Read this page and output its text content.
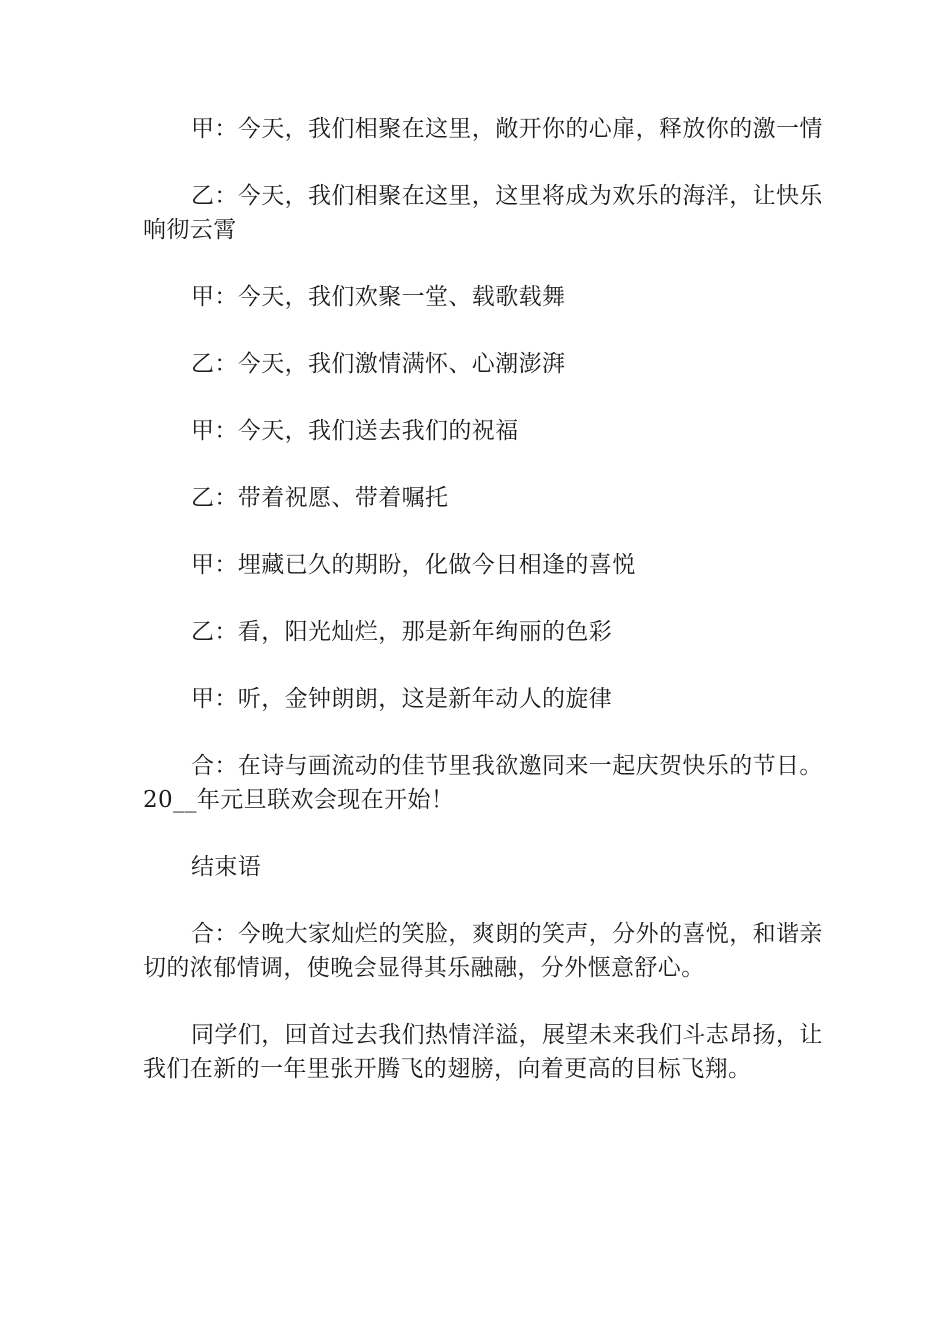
甲：今天，我们相聚在这里，敞开你的心扉，释放你的激一情

乙：今天，我们相聚在这里，这里将成为欢乐的海洋，让快乐响彻云霄

甲：今天，我们欢聚一堂、载歌载舞

乙：今天，我们激情满怀、心潮澎湃

甲：今天，我们送去我们的祝福

乙：带着祝愿、带着嘱托

甲：埋藏已久的期盼，化做今日相逢的喜悦

乙：看，阳光灿烂，那是新年绚丽的色彩

甲：听，金钟朗朗，这是新年动人的旋律

合：在诗与画流动的佳节里我欲邀同来一起庆贺快乐的节日。20__年元旦联欢会现在开始！

结束语

合：今晚大家灿烂的笑脸，爽朗的笑声，分外的喜悦，和谐亲切的浓郁情调，使晚会显得其乐融融，分外惬意舒心。

同学们，回首过去我们热情洋溢，展望未来我们斗志昂扬，让我们在新的一年里张开腾飞的翅膀，向着更高的目标飞翔。
